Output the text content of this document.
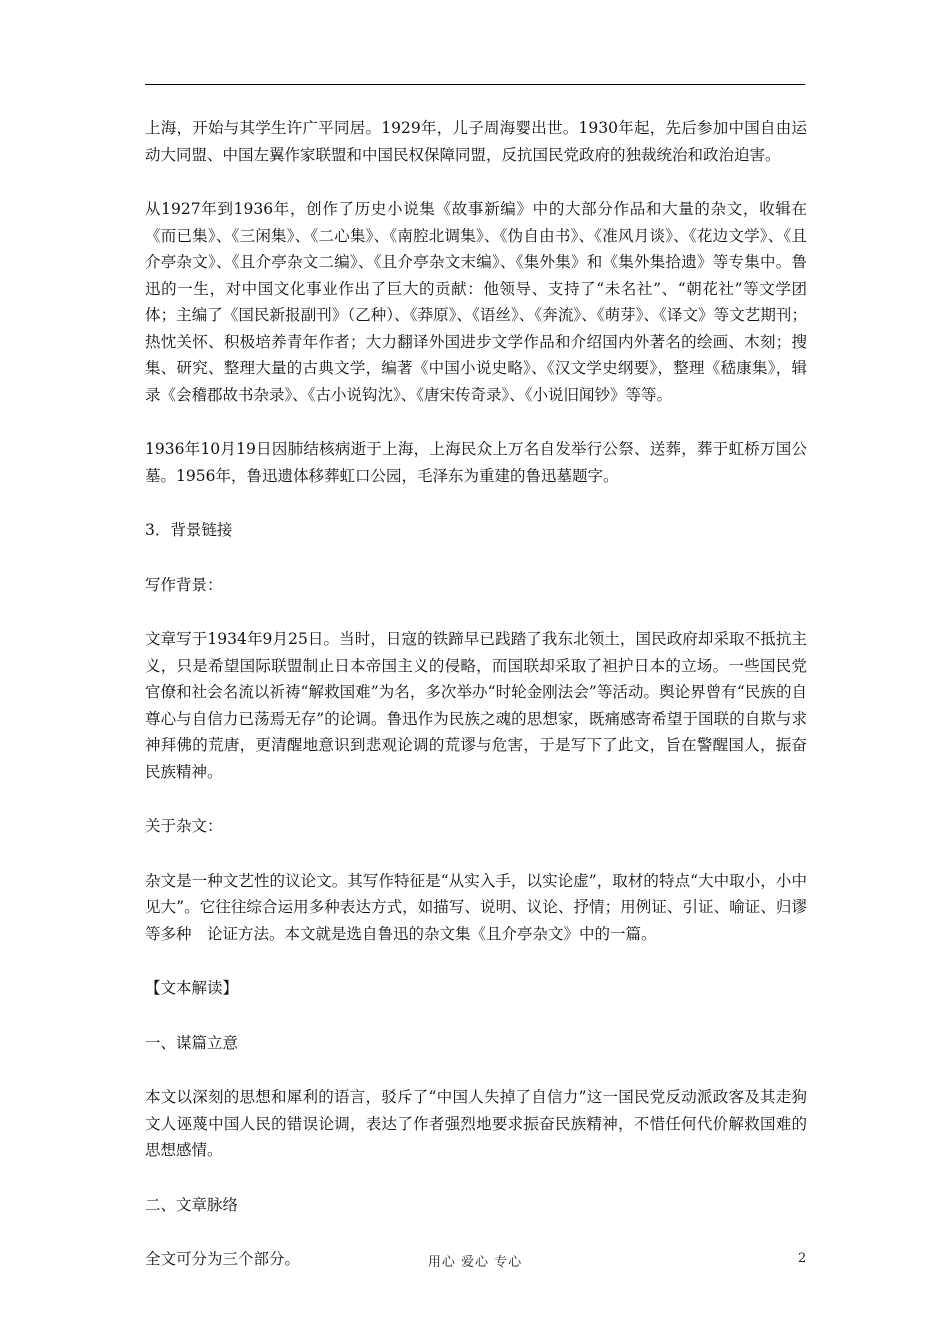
上海，开始与其学生许广平同居。1929年，儿子周海婴出世。1930年起，先后参加中国自由运动大同盟、中国左翼作家联盟和中国民权保障同盟，反抗国民党政府的独裁统治和政治迫害。

从1927年到1936年，创作了历史小说集《故事新编》中的大部分作品和大量的杂文，收辑在《而已集》、《三闲集》、《二心集》、《南腔北调集》、《伪自由书》、《准风月谈》、《花边文学》、《且介亭杂文》、《且介亭杂文二编》、《且介亭杂文末编》、《集外集》和《集外集拾遗》等专集中。鲁迅的一生，对中国文化事业作出了巨大的贡献：他领导、支持了“未名社”、“朝花社”等文学团体；主编了《国民新报副刊》（乙种）、《莽原》、《语丝》、《奔流》、《萌芽》、《译文》等文艺期刊；热忱关怀、积极培养青年作者；大力翻译外国进步文学作品和介绍国内外著名的绘画、木刻；搜集、研究、整理大量的古典文学，编著《中国小说史略》、《汉文学史纲要》，整理《嵇康集》，辑录《会稽郡故书杂录》、《古小说钩沈》、《唐宋传奇录》、《小说旧闻钞》等等。

1936年10月19日因肺结核病逝于上海，上海民众上万名自发举行公祭、送葬，葬于虹桥万国公墓。1956年，鲁迅遗体移葬虹口公园，毛泽东为重建的鲁迅墓题字。

3．背景链接

写作背景：

文章写于1934年9月25日。当时，日寇的铁蹄早已践踏了我东北领土，国民政府却采取不抵抗主义，只是希望国际联盟制止日本帝国主义的侵略，而国联却采取了袒护日本的立场。一些国民党官僚和社会名流以祈祷“解救国难”为名，多次举办“时轮金刚法会”等活动。舆论界曾有“民族的自尊心与自信力已荡焉无存”的论调。鲁迅作为民族之魂的思想家，既痛感寄希望于国联的自欺与求神拜佛的荒唐，更清醒地意识到悲观论调的荒谬与危害，于是写下了此文，旨在警醒国人，振奋民族精神。

关于杂文：

杂文是一种文艺性的议论文。其写作特征是“从实入手，以实论虚”，取材的特点“大中取小，小中见大”。它往往综合运用多种表达方式，如描写、说明、议论、抒情；用例证、引证、喻证、归谬等多种　论证方法。本文就是选自鲁迅的杂文集《且介亭杂文》中的一篇。

【文本解读】

一、谋篇立意

本文以深刻的思想和犀利的语言，驳斥了“中国人失掉了自信力”这一国民党反动派政客及其走狗文人诬蔑中国人民的错误论调，表达了作者强烈地要求振奋民族精神，不惜任何代价解救国难的思想感情。

二、文章脉络

全文可分为三个部分。	用心 爱心 专心	2
